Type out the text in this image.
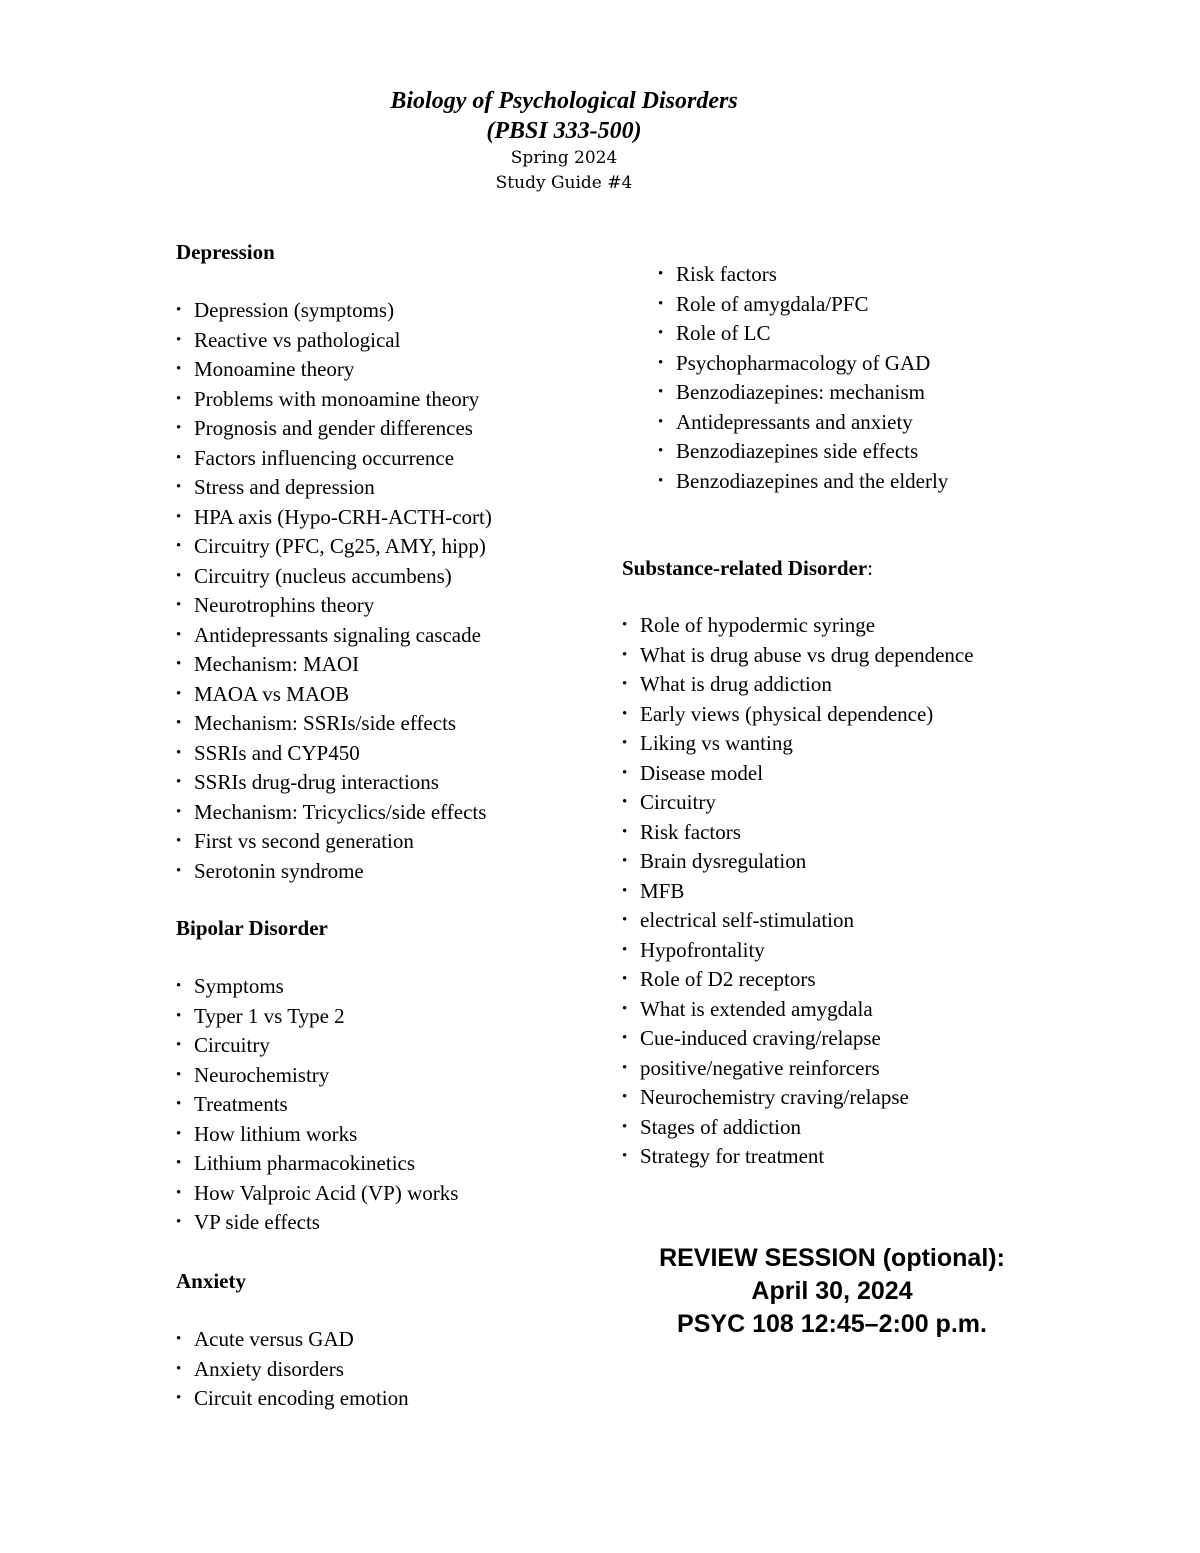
Biology of Psychological Disorders
(PBSI 333-500)
Spring 2024
Study Guide #4
Depression
• Depression (symptoms)
• Reactive vs pathological
• Monoamine theory
• Problems with monoamine theory
• Prognosis and gender differences
• Factors influencing occurrence
• Stress and depression
• HPA axis (Hypo-CRH-ACTH-cort)
• Circuitry (PFC, Cg25, AMY, hipp)
• Circuitry (nucleus accumbens)
• Neurotrophins theory
• Antidepressants signaling cascade
• Mechanism: MAOI
• MAOA vs MAOB
• Mechanism: SSRIs/side effects
• SSRIs and CYP450
• SSRIs drug-drug interactions
• Mechanism: Tricyclics/side effects
• First vs second generation
• Serotonin syndrome
Bipolar Disorder
• Symptoms
• Typer 1 vs Type 2
• Circuitry
• Neurochemistry
• Treatments
• How lithium works
• Lithium pharmacokinetics
• How Valproic Acid (VP) works
• VP side effects
Anxiety
• Acute versus GAD
• Anxiety disorders
• Circuit encoding emotion
• Risk factors
• Role of amygdala/PFC
• Role of LC
• Psychopharmacology of GAD
• Benzodiazepines: mechanism
• Antidepressants and anxiety
• Benzodiazepines side effects
• Benzodiazepines and the elderly
Substance-related Disorder:
• Role of hypodermic syringe
• What is drug abuse vs drug dependence
• What is drug addiction
• Early views (physical dependence)
• Liking vs wanting
• Disease model
• Circuitry
• Risk factors
• Brain dysregulation
• MFB
• electrical self-stimulation
• Hypofrontality
• Role of D2 receptors
• What is extended amygdala
• Cue-induced craving/relapse
• positive/negative reinforcers
• Neurochemistry craving/relapse
• Stages of addiction
• Strategy for treatment
REVIEW SESSION (optional):
April 30, 2024
PSYC 108 12:45–2:00 p.m.
